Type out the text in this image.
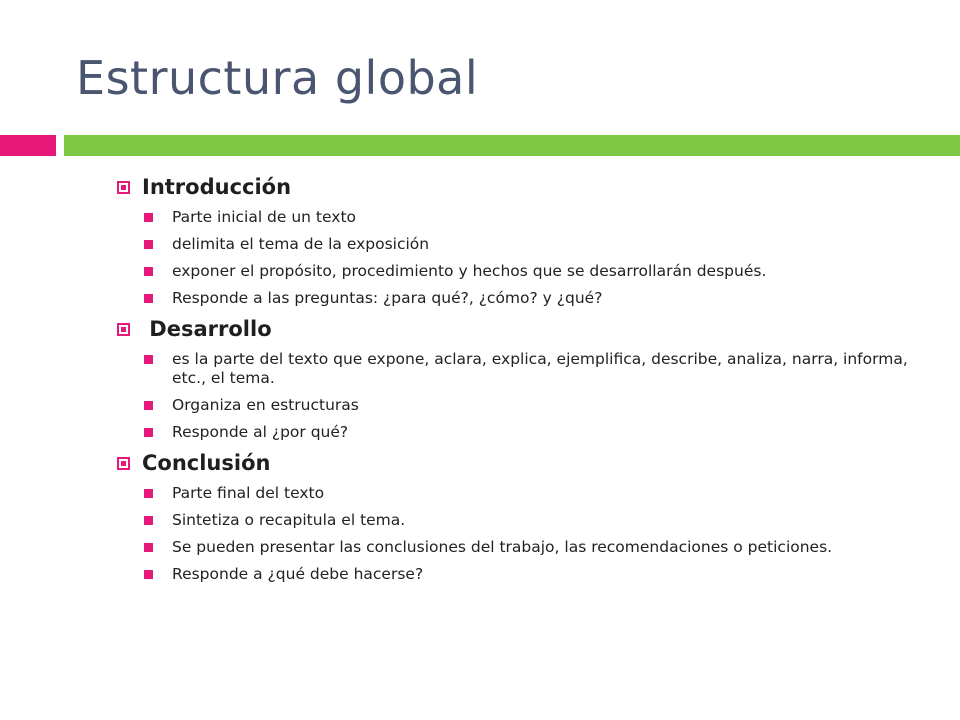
Estructura global
Introducción
Parte inicial de un texto
delimita el tema de la exposición
exponer el propósito, procedimiento y hechos que se desarrollarán después.
Responde a las preguntas: ¿para qué?, ¿cómo? y ¿qué?
Desarrollo
es la parte del texto que expone, aclara, explica, ejemplifica, describe, analiza, narra, informa, etc., el tema.
Organiza en estructuras
Responde al ¿por qué?
Conclusión
Parte final del texto
Sintetiza o recapitula el tema.
Se pueden presentar las conclusiones del trabajo, las recomendaciones o peticiones.
Responde a ¿qué debe hacerse?
